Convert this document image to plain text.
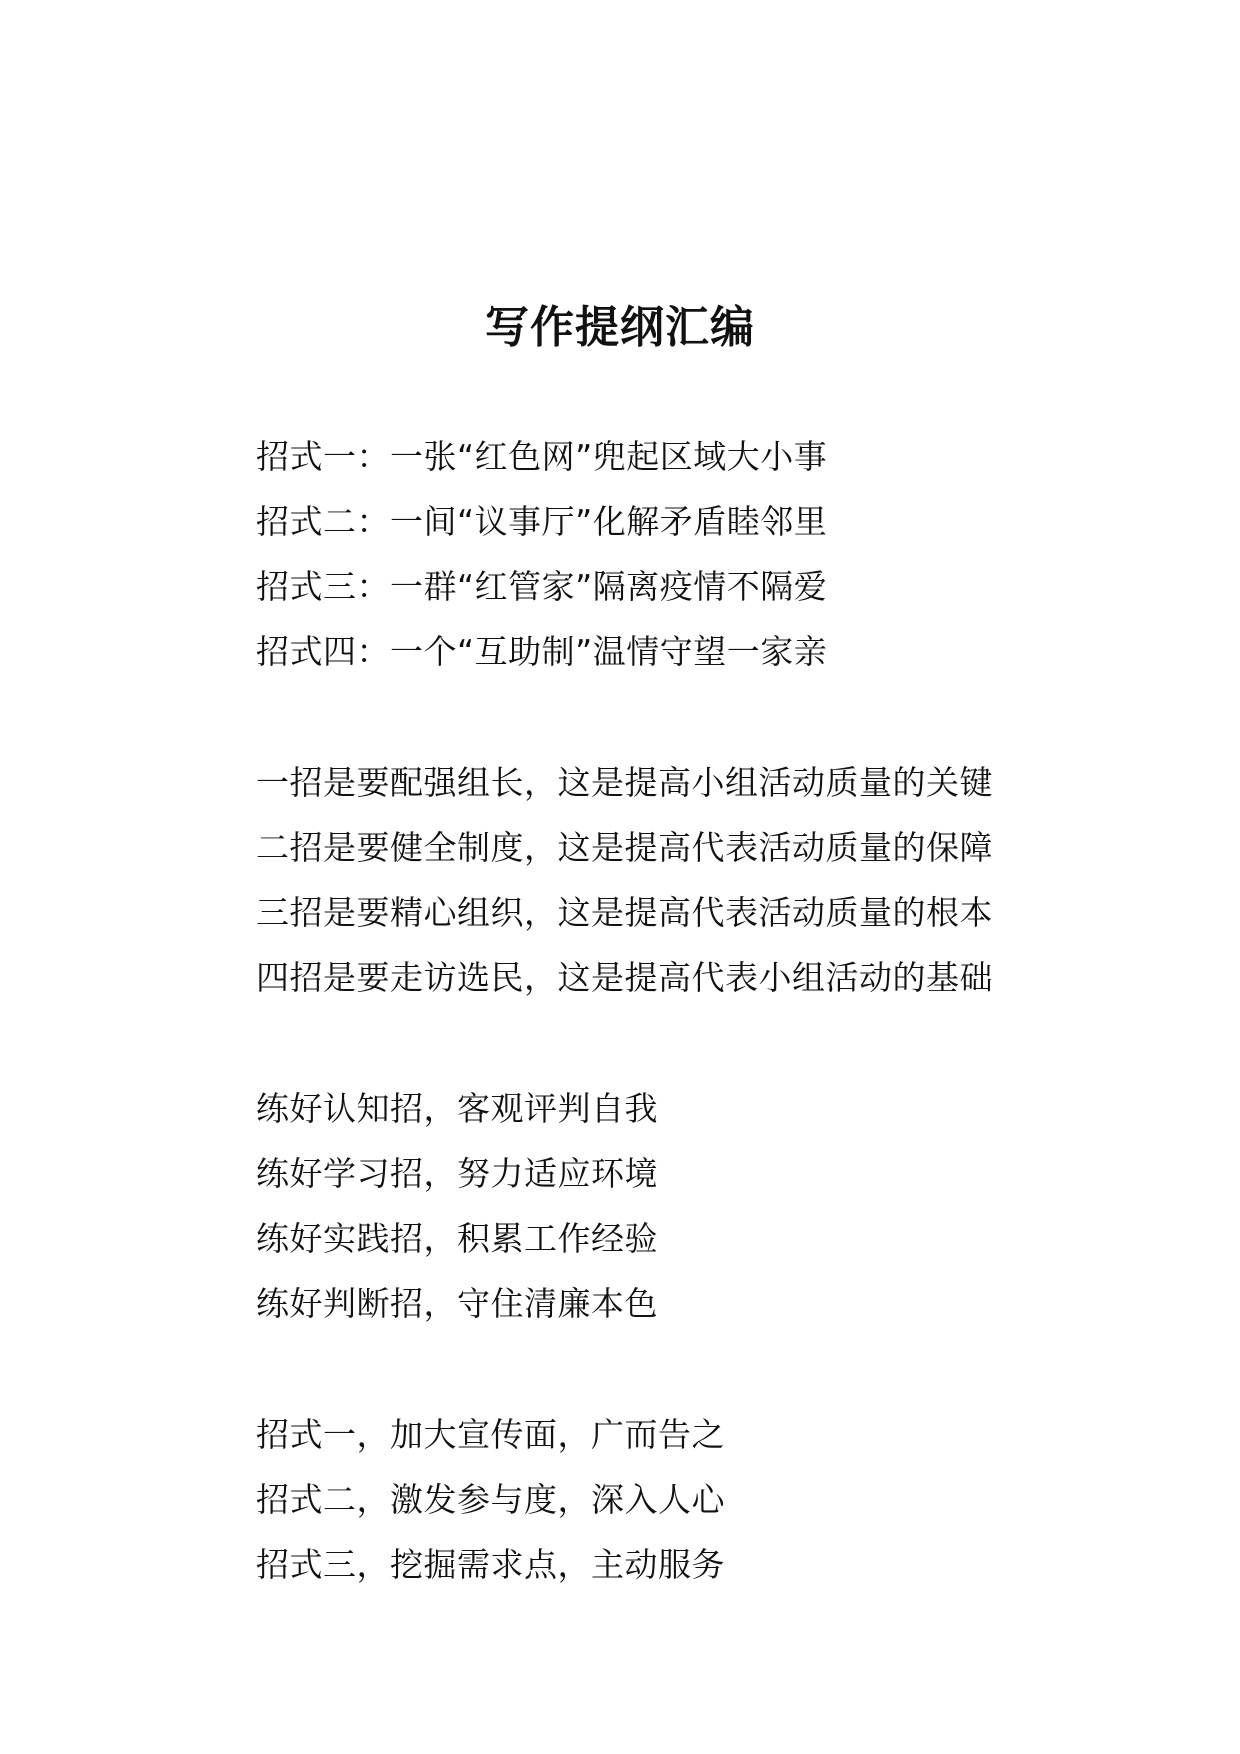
写作提纲汇编
招式一：一张“红色网”兜起区域大小事
招式二：一间“议事厅”化解矛盾睦邻里
招式三：一群“红管家”隔离疫情不隔爱
招式四：一个“互助制”温情守望一家亲
一招是要配强组长，这是提高小组活动质量的关键
二招是要健全制度，这是提高代表活动质量的保障
三招是要精心组织，这是提高代表活动质量的根本
四招是要走访选民，这是提高代表小组活动的基础
练好认知招，客观评判自我
练好学习招，努力适应环境
练好实践招，积累工作经验
练好判断招，守住清廉本色
招式一，加大宣传面，广而告之
招式二，激发参与度，深入人心
招式三，挖掘需求点，主动服务
